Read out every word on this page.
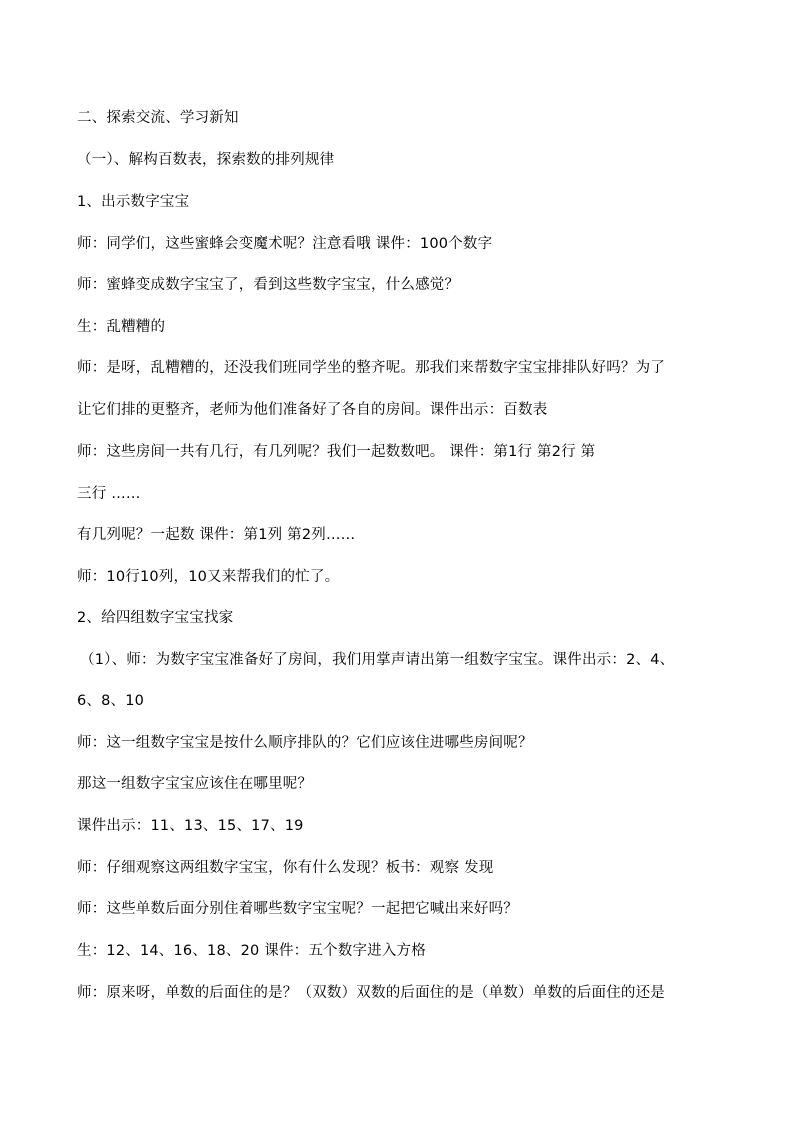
二、探索交流、学习新知
（一）、解构百数表，探索数的排列规律
1、出示数字宝宝
师：同学们，这些蜜蜂会变魔术呢？注意看哦 课件：100个数字
师：蜜蜂变成数字宝宝了，看到这些数字宝宝，什么感觉？
生：乱糟糟的
师：是呀，乱糟糟的，还没我们班同学坐的整齐呢。那我们来帮数字宝宝排排队好吗？为了
让它们排的更整齐，老师为他们准备好了各自的房间。课件出示：百数表
师：这些房间一共有几行，有几列呢？我们一起数数吧。 课件：第1行 第2行 第
三行 ……
有几列呢？一起数 课件：第1列 第2列……
师：10行10列，10又来帮我们的忙了。
2、给四组数字宝宝找家
（1）、师：为数字宝宝准备好了房间，我们用掌声请出第一组数字宝宝。课件出示：2、4、
6、8、10
师：这一组数字宝宝是按什么顺序排队的？它们应该住进哪些房间呢？
那这一组数字宝宝应该住在哪里呢？
课件出示：11、13、15、17、19
师：仔细观察这两组数字宝宝，你有什么发现？板书：观察 发现
师：这些单数后面分别住着哪些数字宝宝呢？一起把它喊出来好吗？
生：12、14、16、18、20 课件：五个数字进入方格
师：原来呀，单数的后面住的是？（双数）双数的后面住的是（单数）单数的后面住的还是
